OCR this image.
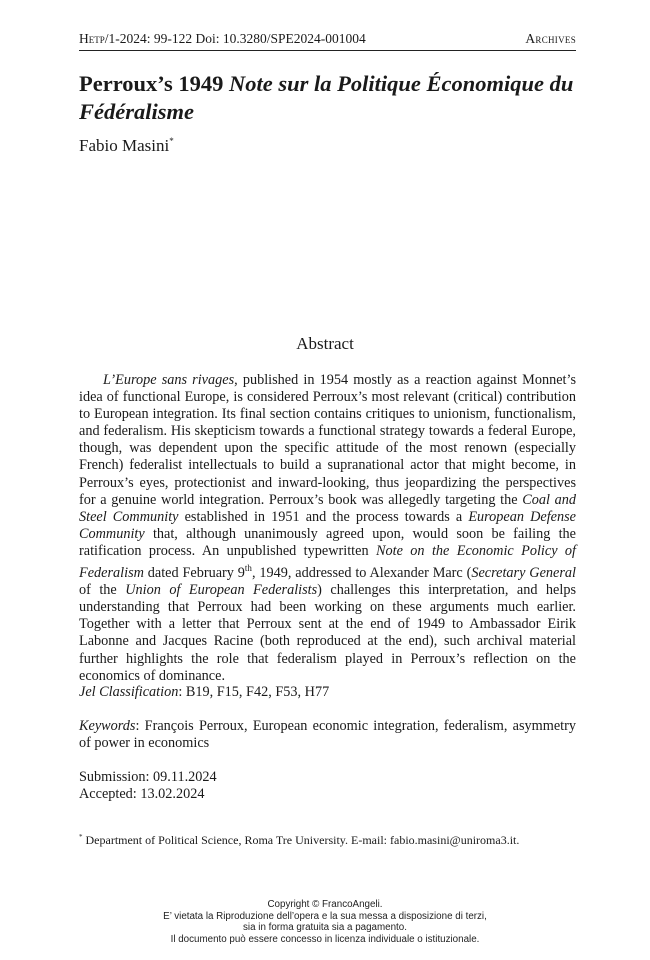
Hetp/1-2024: 99-122 Doi: 10.3280/SPE2024-001004	Archives
Perroux’s 1949 Note sur la Politique Économique du Fédéralisme
Fabio Masini*
Abstract

L’Europe sans rivages, published in 1954 mostly as a reaction against Monnet’s idea of functional Europe, is considered Perroux’s most relevant (critical) contribution to European integration. Its final section contains critiques to unionism, functionalism, and federalism. His skepticism towards a functional strategy towards a federal Europe, though, was dependent upon the specific attitude of the most renown (especially French) federalist intellectuals to build a supranational actor that might become, in Perroux’s eyes, protectionist and inward-looking, thus jeopardizing the perspectives for a genuine world integration. Perroux’s book was allegedly targeting the Coal and Steel Community established in 1951 and the process towards a European Defense Community that, although unanimously agreed upon, would soon be failing the ratification process. An unpublished typewritten Note on the Economic Policy of Federalism dated February 9th, 1949, addressed to Alexander Marc (Secretary General of the Union of European Federalists) challenges this interpretation, and helps understanding that Perroux had been working on these arguments much earlier. Together with a letter that Perroux sent at the end of 1949 to Ambassador Eirik Labonne and Jacques Racine (both reproduced at the end), such archival material further highlights the role that federalism played in Perroux’s reflection on the economics of dominance.

Jel Classification: B19, F15, F42, F53, H77
Keywords: François Perroux, European economic integration, federalism, asymmetry of power in economics
Submission: 09.11.2024
Accepted: 13.02.2024
* Department of Political Science, Roma Tre University. E-mail: fabio.masini@uniroma3.it.
Copyright © FrancoAngeli.
E’ vietata la Riproduzione dell’opera e la sua messa a disposizione di terzi,
sia in forma gratuita sia a pagamento.
Il documento può essere concesso in licenza individuale o istituzionale.
